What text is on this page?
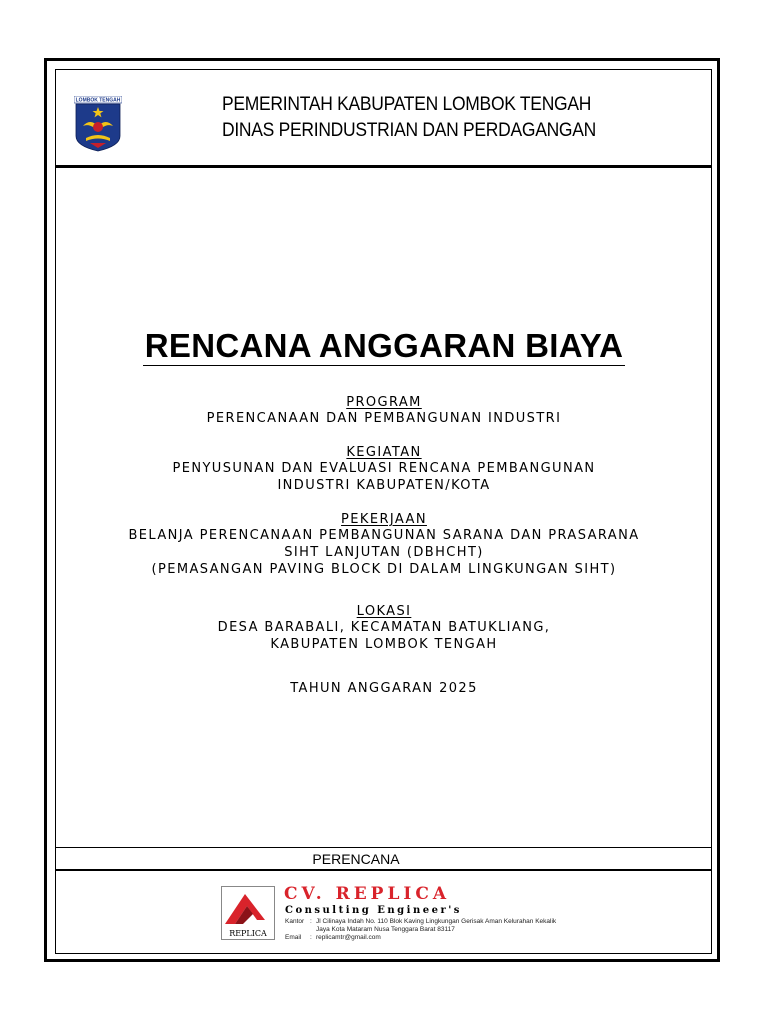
LOMBOK TENGAH	PEMERINTAH KABUPATEN LOMBOK TENGAH
DINAS PERINDUSTRIAN DAN PERDAGANGAN
RENCANA ANGGARAN BIAYA
PROGRAM
PERENCANAAN DAN PEMBANGUNAN INDUSTRI
KEGIATAN
PENYUSUNAN DAN EVALUASI RENCANA PEMBANGUNAN
INDUSTRI KABUPATEN/KOTA
PEKERJAAN
BELANJA PERENCANAAN PEMBANGUNAN SARANA DAN PRASARANA
SIHT LANJUTAN (DBHCHT)
(PEMASANGAN PAVING BLOCK DI DALAM LINGKUNGAN SIHT)
LOKASI
DESA BARABALI, KECAMATAN BATUKLIANG,
KABUPATEN LOMBOK TENGAH
TAHUN ANGGARAN 2025
PERENCANA
REPLICA
CV. REPLICA
Consulting Engineer's
Kantor : Jl Cilinaya Indah No. 110 Blok Kaving Lingkungan Gerisak Aman Kelurahan Kekalik
Jaya Kota Mataram Nusa Tenggara Barat 83117
Email : replicamtr@gmail.com
